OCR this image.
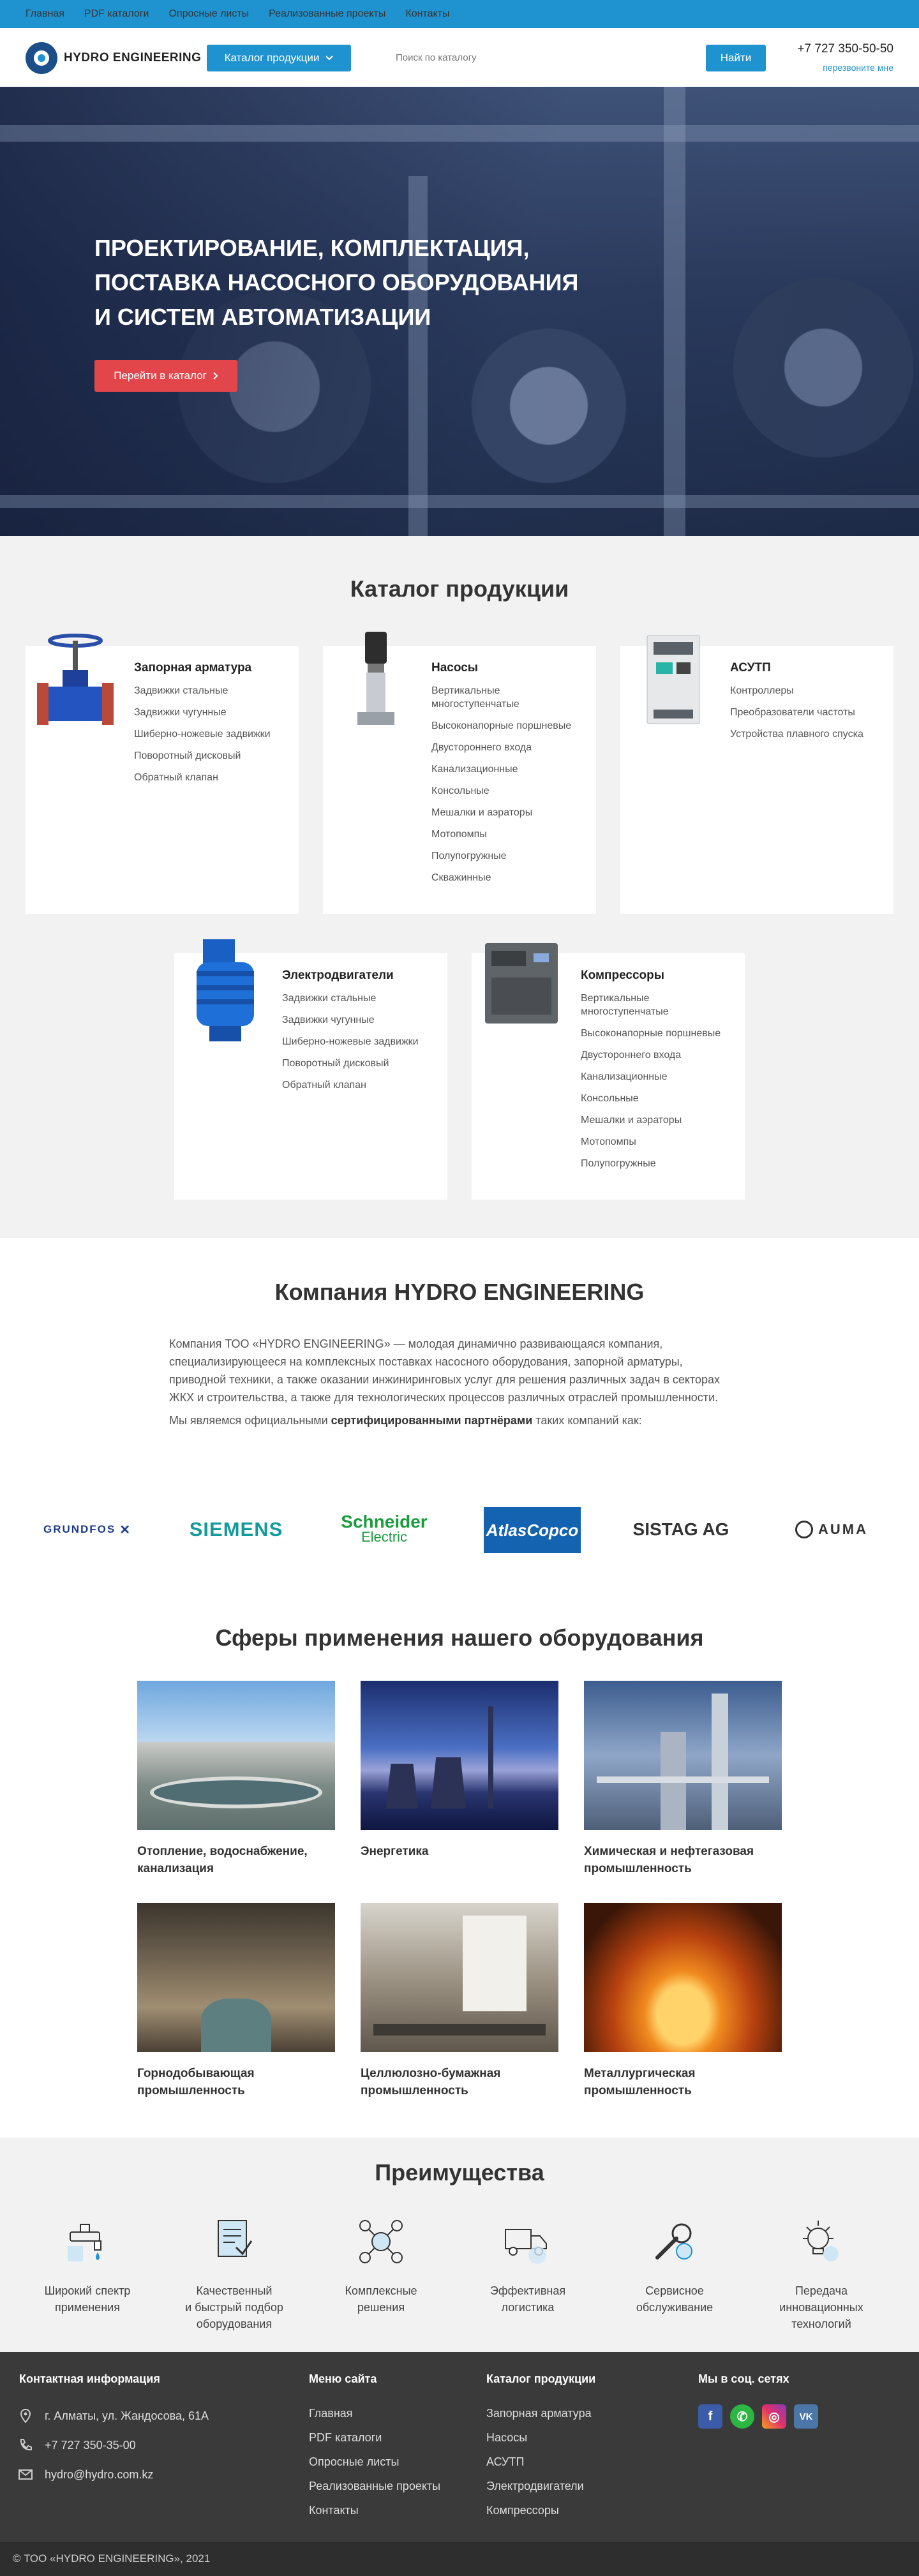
Главная PDF каталоги Опросные листы Реализованные проекты Контакты
HYDRO ENGINEERING Каталог продукции
Поиск по каталогу	Найти
+7 727 350-50-50
перезвоните мне
ПРОЕКТИРОВАНИЕ, КОМПЛЕКТАЦИЯ,
ПОСТАВКА НАСОСНОГО ОБОРУДОВАНИЯ
И СИСТЕМ АВТОМАТИЗАЦИИ
Перейти в каталог
Каталог продукции
Запорная арматура
Задвижки стальные
Задвижки чугунные
Шиберно-ножевые задвижки
Поворотный дисковый
Обратный клапан
Насосы
Вертикальные многоступенчатые
Высоконапорные поршневые
Двустороннего входа
Канализационные
Консольные
Мешалки и аэраторы
Мотопомпы
Полупогружные
Скважинные
АСУТП
Контроллеры
Преобразователи частоты
Устройства плавного спуска
Электродвигатели
Задвижки стальные
Задвижки чугунные
Шиберно-ножевые задвижки
Поворотный дисковый
Обратный клапан
Компрессоры
Вертикальные многоступенчатые
Высоконапорные поршневые
Двустороннего входа
Канализационные
Консольные
Мешалки и аэраторы
Мотопомпы
Полупогружные
Компания HYDRO ENGINEERING

Компания ТОО «HYDRO ENGINEERING» — молодая динамично развивающаяся компания, специализирующееся на комплексных поставках насосного оборудования, запорной арматуры, приводной техники, а также оказании инжиниринговых услуг для решения различных задач в секторах ЖКХ и строительства, а также для технологических процессов различных отраслей промышленности.

Мы являемся официальными сертифицированными партнёрами таких компаний как:

GRUNDFOS ✕	SIEMENS	Schneider
Electric	AtlasCopco	SISTAG AG	AUMA
Сферы применения нашего оборудования
Отопление, водоснабжение, канализация
Энергетика	Химическая и нефтегазовая промышленность
Горнодобывающая промышленность
Целлюлозно-бумажная промышленность
Металлургическая промышленность
Преимущества
Широкий спектр
применения
Качественный
и быстрый подбор
оборудования
Комплексные
решения
Эффективная
логистика
Сервисное
обслуживание
Передача
инновационных
технологий
Контактная информация
г. Алматы, ул. Жандосова, 61А
+7 727 350-35-00
hydro@hydro.com.kz
Меню сайта
Главная
PDF каталоги
Опросные листы
Реализованные проекты
Контакты
Каталог продукции
Запорная арматура
Насосы
АСУТП
Электродвигатели
Компрессоры
Мы в соц. сетях
f	✆	◎	VK
© ТОО «HYDRO ENGINEERING», 2021
